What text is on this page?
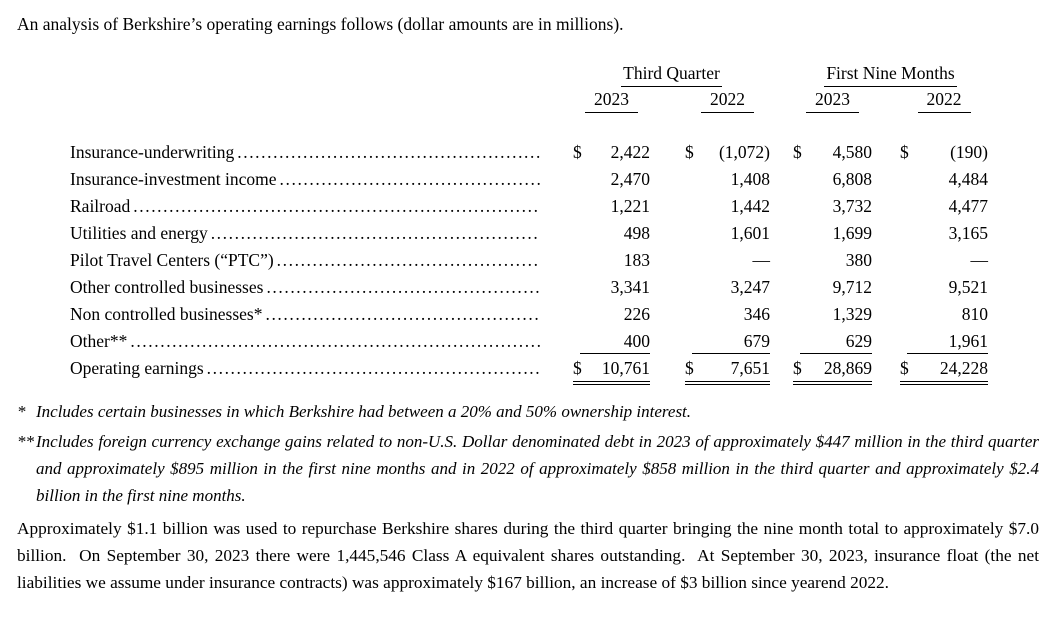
An analysis of Berkshire’s operating earnings follows (dollar amounts are in millions).

Third Quarter	First Nine Months
2023	2022	2023	2022
Insurance-underwriting .....	$ 2,422 $ (1,072) $ 4,580 $ (190)
Insurance-investment income .....	2,470	1,408	6,808	4,484
Railroad .....	1,221	1,442	3,732	4,477
Utilities and energy .....	498	1,601	1,699	3,165
Pilot Travel Centers (“PTC”) .....	183	—	380	—
Other controlled businesses .....	3,341	3,247	9,712	9,521
Non controlled businesses* .....	226	346	1,329	810
Other** .....	400	679	629	1,961
Operating earnings .....	$ 10,761 $ 7,651 $ 28,869 $ 24,228
* Includes certain businesses in which Berkshire had between a 20% and 50% ownership interest.

** Includes foreign currency exchange gains related to non-U.S. Dollar denominated debt in 2023 of approximately $447 million in the third quarter and approximately $895 million in the first nine months and in 2022 of approximately $858 million in the third quarter and approximately $2.4 billion in the first nine months.

Approximately $1.1 billion was used to repurchase Berkshire shares during the third quarter bringing the nine month total to approximately $7.0 billion.  On September 30, 2023 there were 1,445,546 Class A equivalent shares outstanding.  At September 30, 2023, insurance float (the net liabilities we assume under insurance contracts) was approximately $167 billion, an increase of $3 billion since yearend 2022.
